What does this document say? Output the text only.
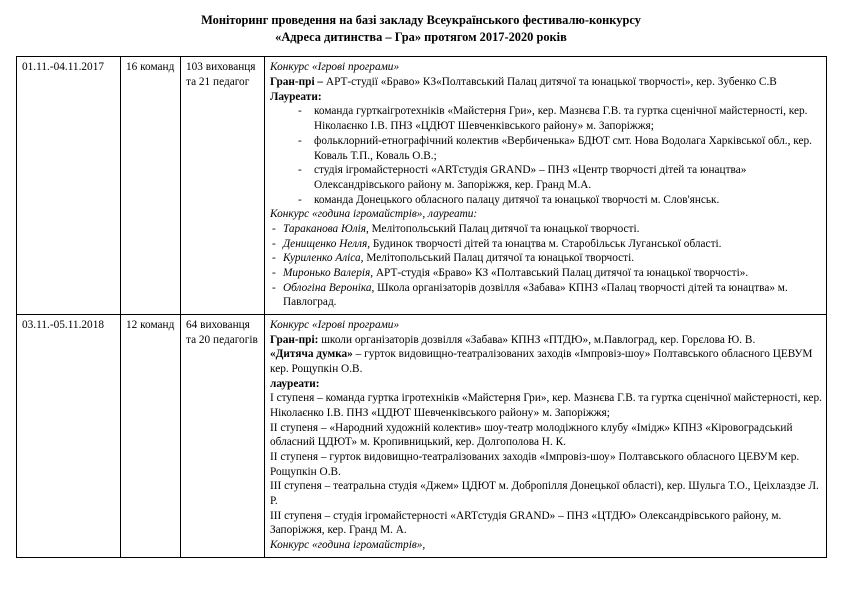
Моніторинг проведення на базі закладу Всеукраїнського фестивалю-конкурсу
«Адреса дитинства – Гра» протягом 2017-2020 років
01.11.-04.11.2017	16 команд	103 вихованця та 21 педагог	
Конкурс «Ігрові програми»
Гран-прі – АРТ-студії «Браво» КЗ«Полтавський Палац дитячої та юнацької творчості», кер. Зубенко С.В
Лауреати:
- команда гурткаігротехніків «Майстерня Гри», кер. Мазнєва Г.В. та гуртка сценічної майстерності, кер. Ніколаєнко І.В. ПНЗ «ЦДЮТ Шевченківського району» м. Запоріжжя;
- фольклорний-етнографічний колектив «Вербиченька» БДЮТ смт. Нова Водолага Харківської обл., кер. Коваль Т.П., Коваль О.В.;
- студія ігромайстерності «ARTстудія GRAND» – ПНЗ «Центр творчості дітей та юнацтва» Олександрівського району м. Запоріжжя, кер. Гранд М.А.
- команда Донецького обласного палацу дитячої та юнацької творчості м. Слов'янськ.
Конкурс «година ігромайстрів», лауреати:
- Тараканова Юлія, Мелітопольський Палац дитячої та юнацької творчості.
- Денищенко Нелля, Будинок творчості дітей та юнацтва м. Старобільськ Луганської області.
- Куриленко Аліса, Мелітопольський Палац дитячої та юнацької творчості.
- Миронько Валерія, АРТ-студія «Браво» КЗ «Полтавський Палац дитячої та юнацької творчості».
- Облогіна Вероніка, Школа організаторів дозвілля «Забава» КПНЗ «Палац творчості дітей та юнацтва» м. Павлоград.

03.11.-05.11.2018	12 команд	64 вихованця та 20 педагогів	
Конкурс «Ігрові програми»
Гран-прі: школи організаторів дозвілля «Забава» КПНЗ «ПТДЮ», м.Павлоград, кер. Горєлова Ю. В.
«Дитяча думка» – гурток видовищно-театралізованих заходів «Імпровіз-шоу» Полтавського обласного ЦЕВУМ кер. Рощупкін О.В.
лауреати:
І ступеня – команда гуртка ігротехніків «Майстерня Гри», кер. Мазнєва Г.В. та гуртка сценічної майстерності, кер. Ніколаєнко І.В. ПНЗ «ЦДЮТ Шевченківського району» м. Запоріжжя;
ІІ ступеня – «Народний художній колектив» шоу-театр молодіжного клубу «Імідж» КПНЗ «Кіровоградський обласний ЦДЮТ» м. Кропивницький, кер. Долгополова Н. К.
ІІ ступеня – гурток видовищно-театралізованих заходів «Імпровіз-шоу» Полтавського обласного ЦЕВУМ кер. Рощупкін О.В.
ІІІ ступеня – театральна студія «Джем» ЦДЮТ м. Добропілля Донецької області), кер. Шульга Т.О., Цеіхлаздзе Л. Р.
ІІІ ступеня – студія ігромайстерності «ARTстудія GRAND» – ПНЗ «ЦТДЮ» Олександрівського району, м. Запоріжжя, кер. Гранд М. А.
Конкурс «година ігромайстрів»,
